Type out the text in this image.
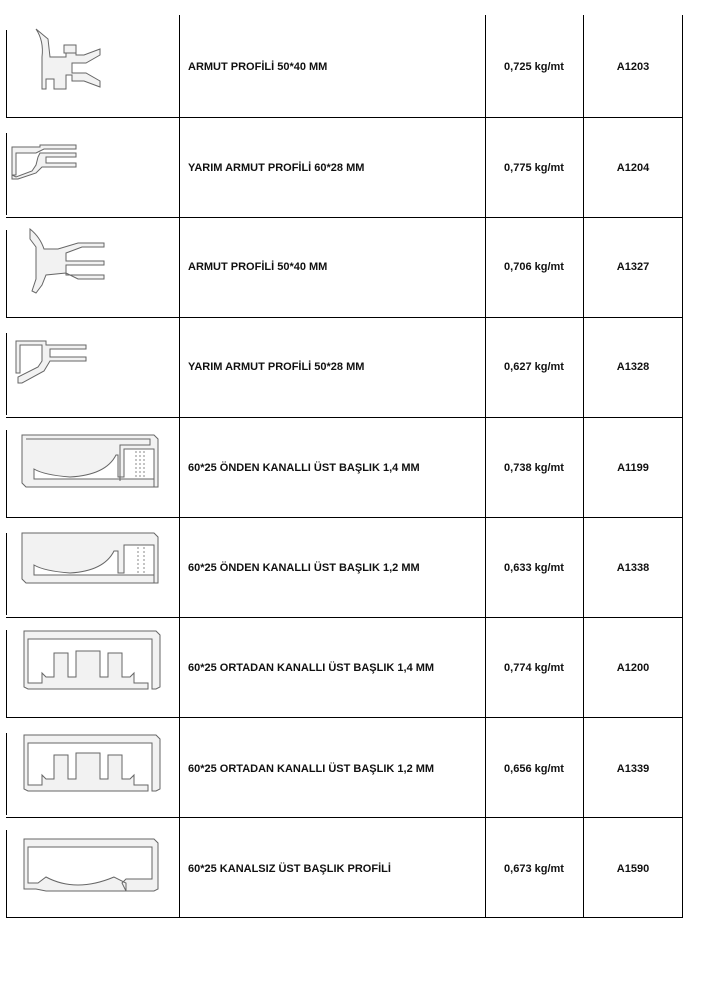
ARMUT PROFİLİ 50*40 MM	0,725 kg/mt	A1203
YARIM ARMUT PROFİLİ 60*28 MM	0,775 kg/mt	A1204
ARMUT PROFİLİ 50*40 MM	0,706 kg/mt	A1327
YARIM ARMUT PROFİLİ 50*28 MM	0,627 kg/mt	A1328
60*25 ÖNDEN KANALLI ÜST BAŞLIK 1,4 MM	0,738 kg/mt	A1199
60*25 ÖNDEN KANALLI ÜST BAŞLIK 1,2 MM	0,633 kg/mt	A1338
60*25 ORTADAN KANALLI ÜST BAŞLIK 1,4 MM	0,774 kg/mt	A1200
60*25 ORTADAN KANALLI ÜST BAŞLIK 1,2 MM	0,656 kg/mt	A1339
60*25 KANALSIZ ÜST BAŞLIK PROFİLİ	0,673 kg/mt	A1590
